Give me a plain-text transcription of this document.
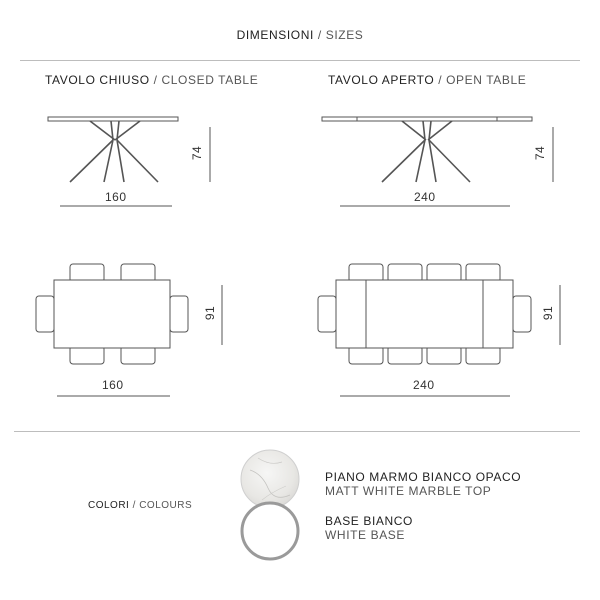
DIMENSIONI / SIZES
TAVOLO CHIUSO / CLOSED TABLE	TAVOLO APERTO / OPEN TABLE
74
160
74
240
91
160
91
240
COLORI / COLOURS
PIANO MARMO BIANCO OPACO
MATT WHITE MARBLE TOP
BASE BIANCO
WHITE BASE
